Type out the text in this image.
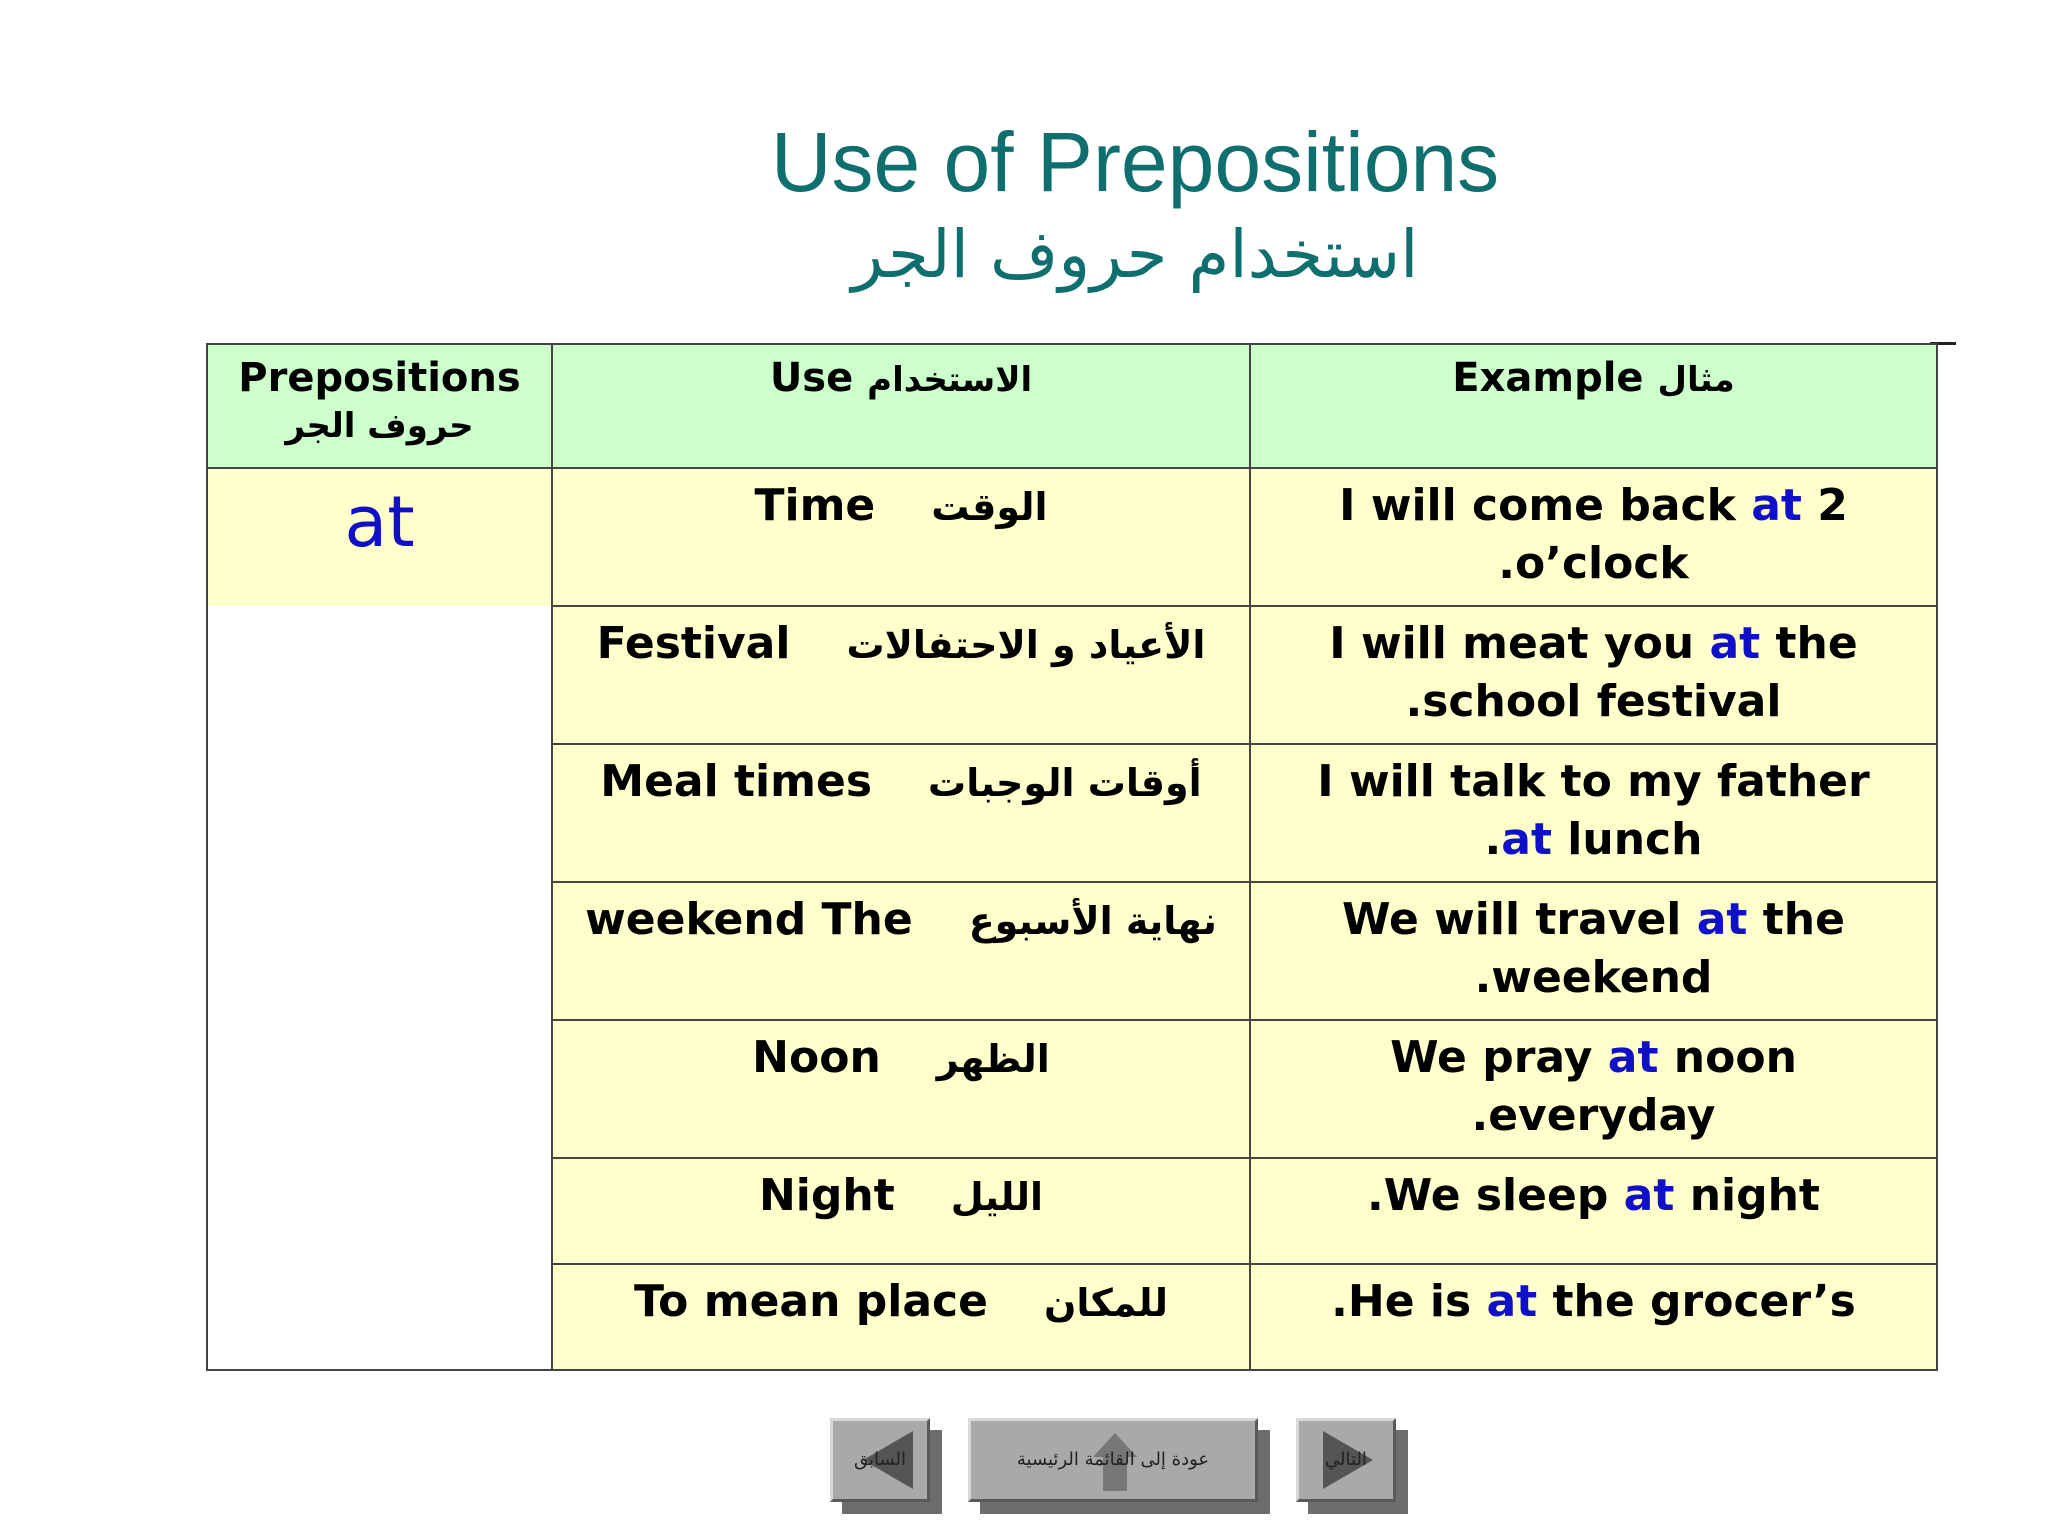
Use of Prepositions
استخدام حروف الجر
Prepositions
حروف الجر	Use الاستخدام	Example مثال

at	Time الوقت	I will come back at 2
.o’clock

	Festival الأعياد و الاحتفالات	I will meat you at the
.school festival

	Meal times أوقات الوجبات	I will talk to my father
.at lunch

	weekend The نهاية الأسبوع	We will travel at the
.weekend

	Noon الظهر	We pray at noon
.everyday

	Night الليل	.We sleep at night

	To mean place للمكان	.He is at the grocer’s
السابق	عودة إلى القائمة الرئيسية	التالي
